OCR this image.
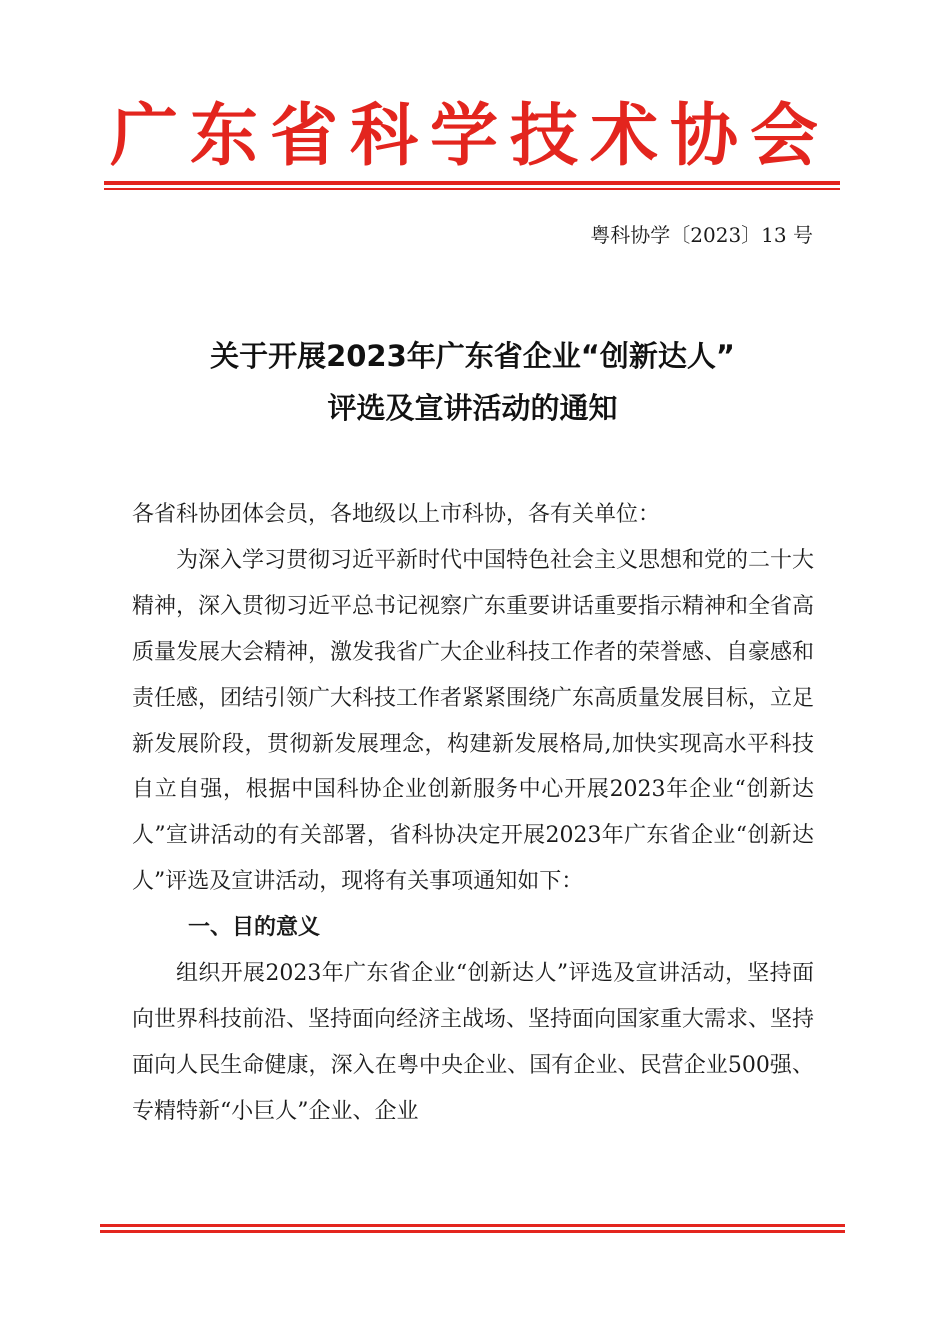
广东省科学技术协会
粤科协学〔2023〕13 号
关于开展2023年广东省企业“创新达人”
评选及宣讲活动的通知

各省科协团体会员，各地级以上市科协，各有关单位：

为深入学习贯彻习近平新时代中国特色社会主义思想和党的二十大精神，深入贯彻习近平总书记视察广东重要讲话重要指示精神和全省高质量发展大会精神，激发我省广大企业科技工作者的荣誉感、自豪感和责任感，团结引领广大科技工作者紧紧围绕广东高质量发展目标，立足新发展阶段，贯彻新发展理念，构建新发展格局,加快实现高水平科技自立自强，根据中国科协企业创新服务中心开展2023年企业“创新达人”宣讲活动的有关部署，省科协决定开展2023年广东省企业“创新达人”评选及宣讲活动，现将有关事项通知如下：

一、目的意义

组织开展2023年广东省企业“创新达人”评选及宣讲活动，坚持面向世界科技前沿、坚持面向经济主战场、坚持面向国家重大需求、坚持面向人民生命健康，深入在粤中央企业、国有企业、民营企业500强、专精特新“小巨人”企业、企业
